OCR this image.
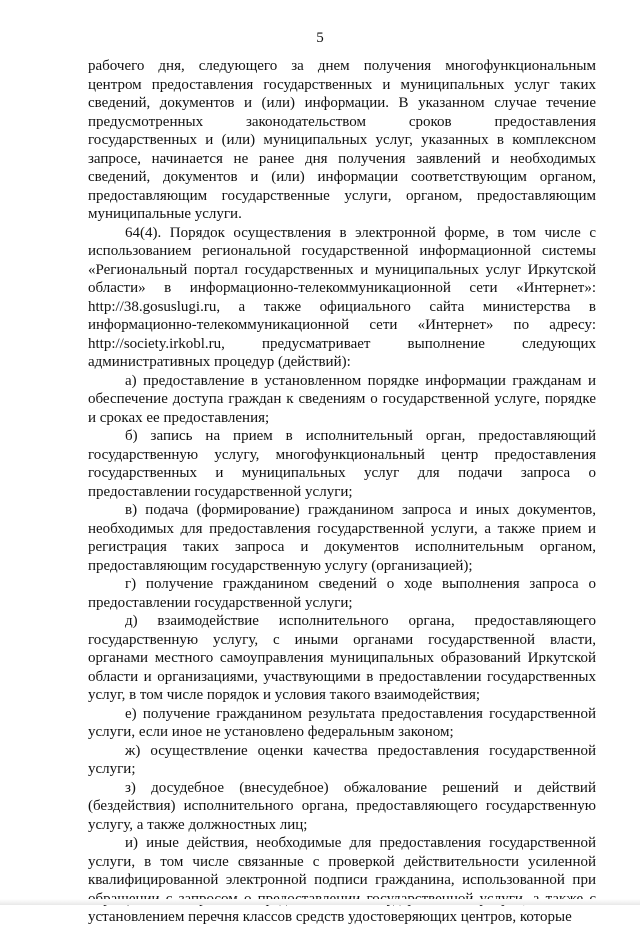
5
рабочего дня, следующего за днем получения многофункциональным
центром предоставления государственных и муниципальных услуг таких
сведений, документов и (или) информации. В указанном случае течение
предусмотренных законодательством сроков предоставления
государственных и (или) муниципальных услуг, указанных в комплексном
запросе, начинается не ранее дня получения заявлений и необходимых
сведений, документов и (или) информации соответствующим органом,
предоставляющим государственные услуги, органом, предоставляющим
муниципальные услуги.
64(4). Порядок осуществления в электронной форме, в том числе с
использованием региональной государственной информационной системы
«Региональный портал государственных и муниципальных услуг Иркутской
области» в информационно-телекоммуникационной сети «Интернет»:
http://38.gosuslugi.ru, а также официального сайта министерства в
информационно-телекоммуникационной сети «Интернет» по адресу:
http://society.irkobl.ru, предусматривает выполнение следующих
административных процедур (действий):
а) предоставление в установленном порядке информации гражданам и
обеспечение доступа граждан к сведениям о государственной услуге, порядке
и сроках ее предоставления;
б) запись на прием в исполнительный орган, предоставляющий
государственную услугу, многофункциональный центр предоставления
государственных и муниципальных услуг для подачи запроса о
предоставлении государственной услуги;
в) подача (формирование) гражданином запроса и иных документов,
необходимых для предоставления государственной услуги, а также прием и
регистрация таких запроса и документов исполнительным органом,
предоставляющим государственную услугу (организацией);
г) получение гражданином сведений о ходе выполнения запроса о
предоставлении государственной услуги;
д) взаимодействие исполнительного органа, предоставляющего
государственную услугу, с иными органами государственной власти,
органами местного самоуправления муниципальных образований Иркутской
области и организациями, участвующими в предоставлении государственных
услуг, в том числе порядок и условия такого взаимодействия;
е) получение гражданином результата предоставления государственной
услуги, если иное не установлено федеральным законом;
ж) осуществление оценки качества предоставления государственной
услуги;
з) досудебное (внесудебное) обжалование решений и действий
(бездействия) исполнительного органа, предоставляющего государственную
услугу, а также должностных лиц;
и) иные действия, необходимые для предоставления государственной
услуги, в том числе связанные с проверкой действительности усиленной
квалифицированной электронной подписи гражданина, использованной при
установлением перечня классов средств удостоверяющих центров, которые
